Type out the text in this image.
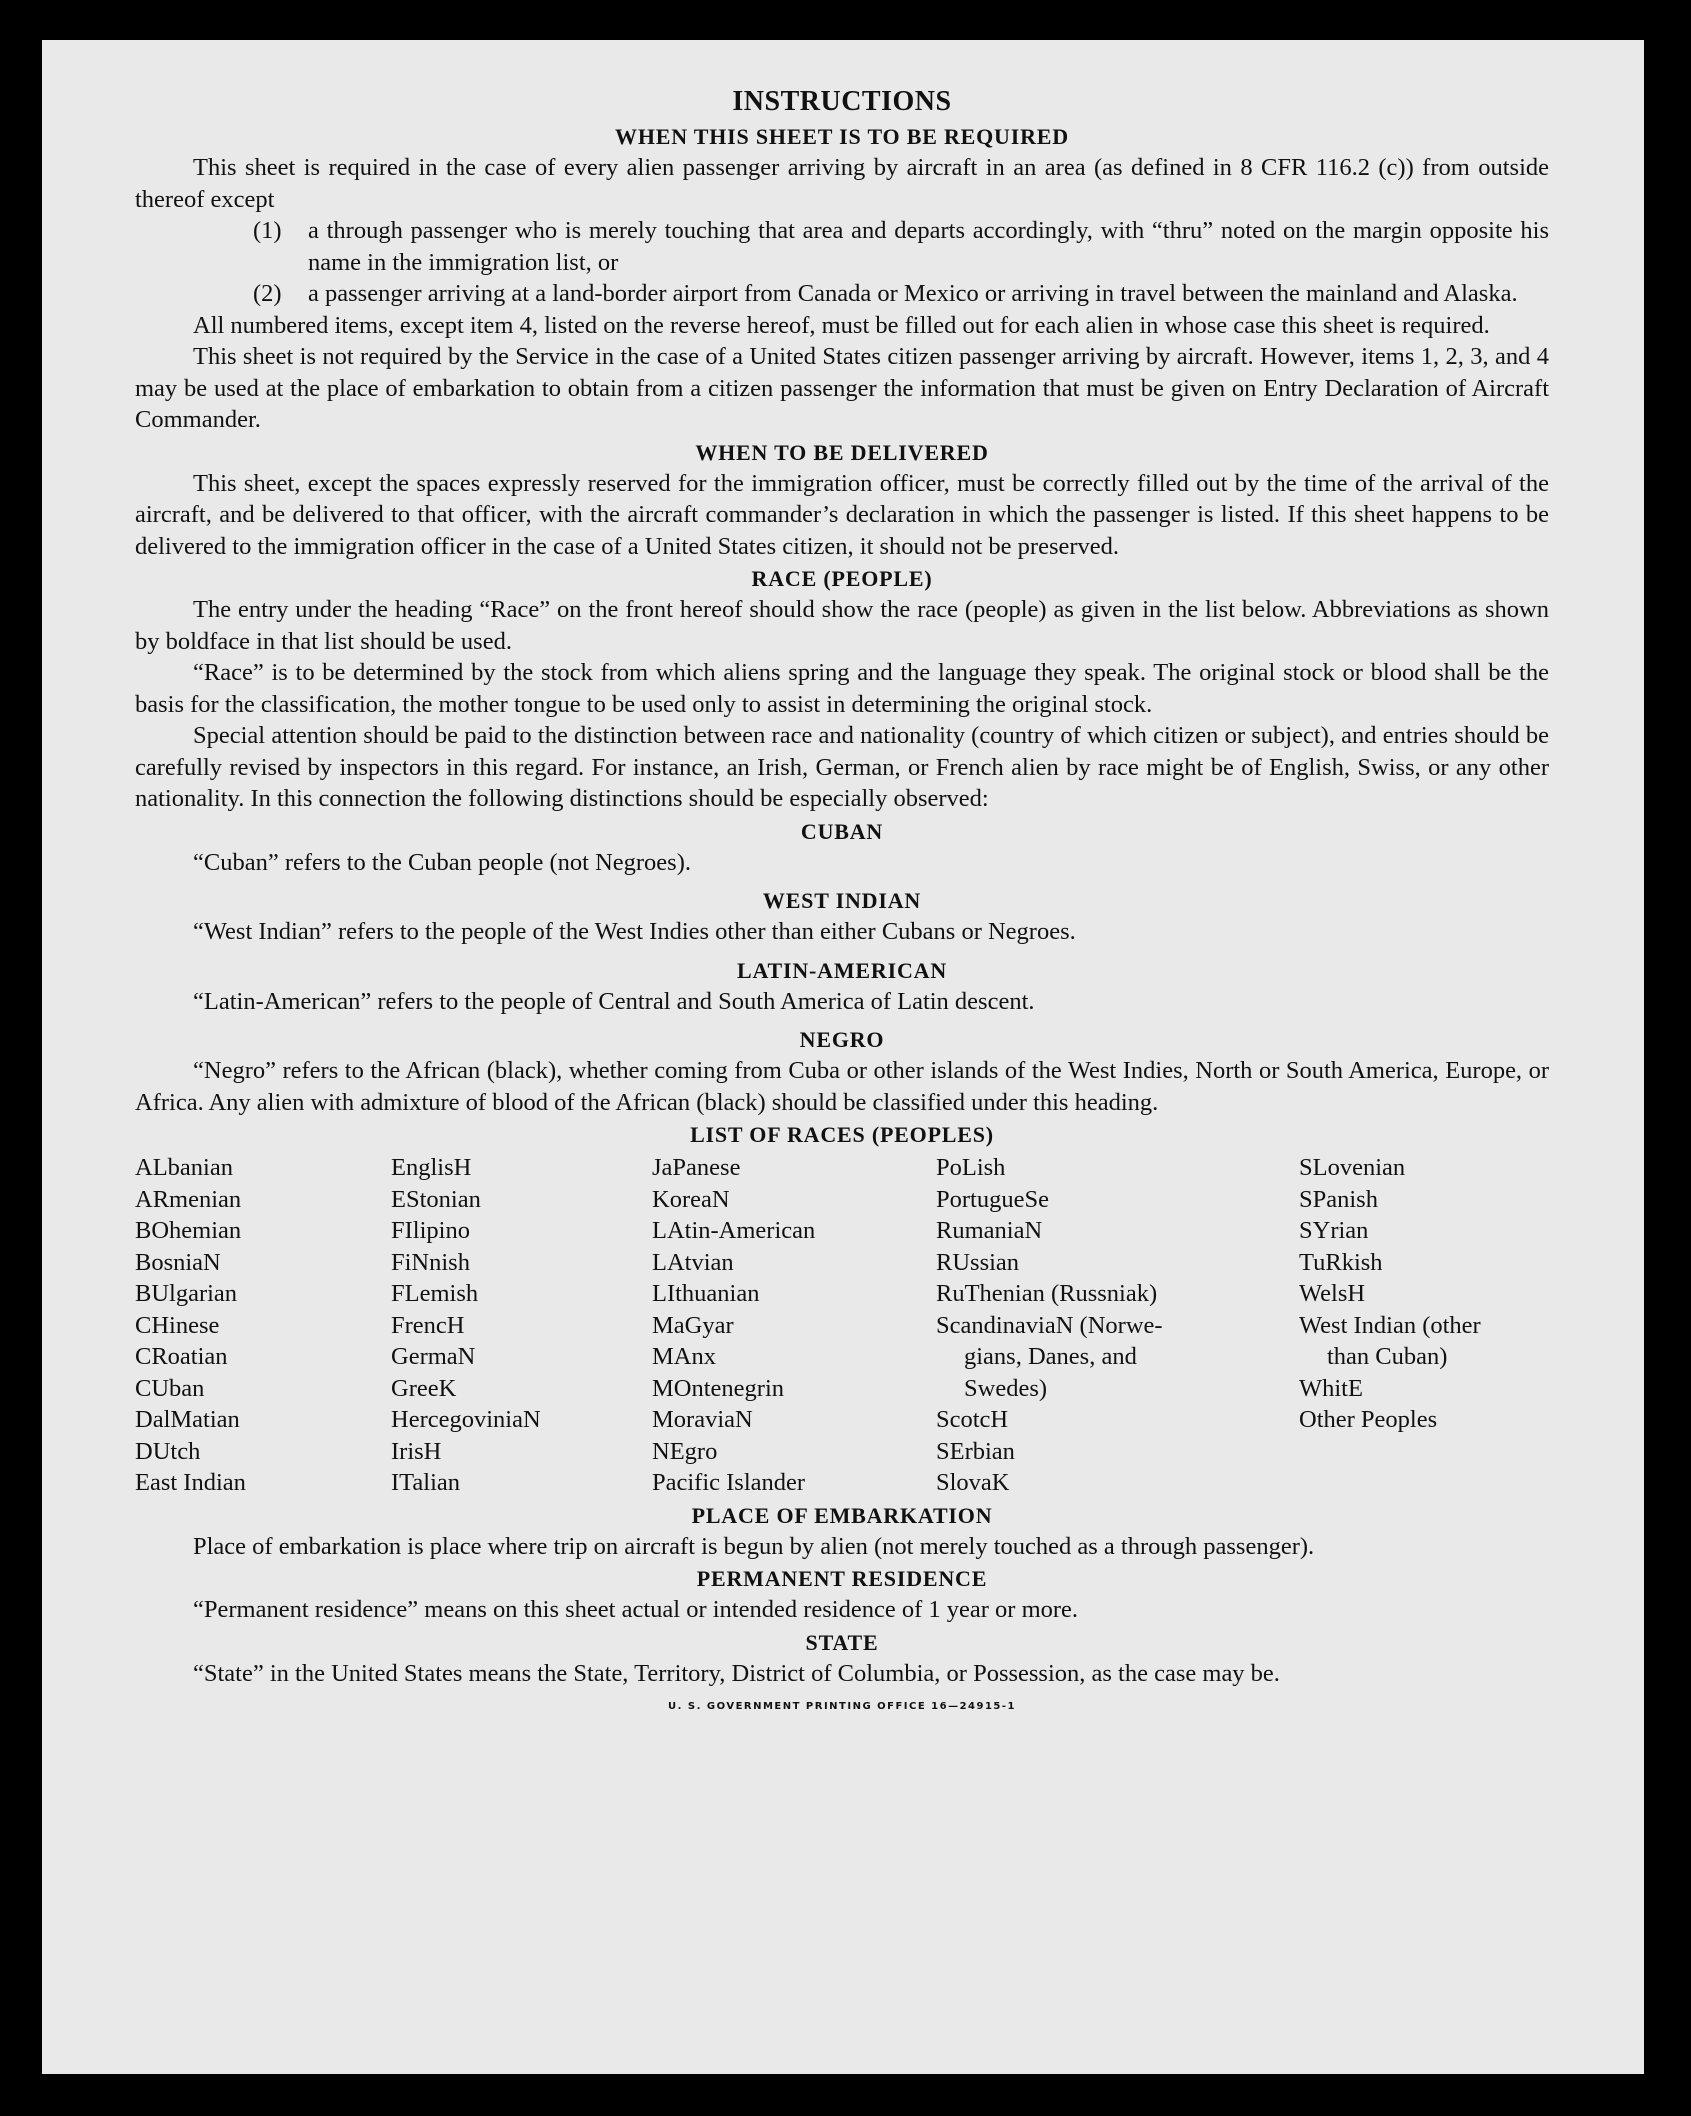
INSTRUCTIONS
WHEN THIS SHEET IS TO BE REQUIRED

This sheet is required in the case of every alien passenger arriving by aircraft in an area (as defined in 8 CFR 116.2 (c)) from outside thereof except

(1)	a through passenger who is merely touching that area and departs accordingly, with “thru” noted on the margin opposite his name in the immigration list, or
(2)	a passenger arriving at a land-border airport from Canada or Mexico or arriving in travel between the mainland and Alaska.

All numbered items, except item 4, listed on the reverse hereof, must be filled out for each alien in whose case this sheet is required.

This sheet is not required by the Service in the case of a United States citizen passenger arriving by aircraft. However, items 1, 2, 3, and 4 may be used at the place of embarkation to obtain from a citizen passenger the information that must be given on Entry Declaration of Aircraft Commander.

WHEN TO BE DELIVERED

This sheet, except the spaces expressly reserved for the immigration officer, must be correctly filled out by the time of the arrival of the aircraft, and be delivered to that officer, with the aircraft commander’s declaration in which the passenger is listed. If this sheet happens to be delivered to the immigration officer in the case of a United States citizen, it should not be preserved.

RACE (PEOPLE)

The entry under the heading “Race” on the front hereof should show the race (people) as given in the list below. Abbreviations as shown by boldface in that list should be used.

“Race” is to be determined by the stock from which aliens spring and the language they speak. The original stock or blood shall be the basis for the classification, the mother tongue to be used only to assist in determining the original stock.

Special attention should be paid to the distinction between race and nationality (country of which citizen or subject), and entries should be carefully revised by inspectors in this regard. For instance, an Irish, German, or French alien by race might be of English, Swiss, or any other nationality. In this connection the following distinctions should be especially observed:

CUBAN

“Cuban” refers to the Cuban people (not Negroes).

WEST INDIAN

“West Indian” refers to the people of the West Indies other than either Cubans or Negroes.

LATIN-AMERICAN

“Latin-American” refers to the people of Central and South America of Latin descent.

NEGRO

“Negro” refers to the African (black), whether coming from Cuba or other islands of the West Indies, North or South America, Europe, or Africa. Any alien with admixture of blood of the African (black) should be classified under this heading.

LIST OF RACES (PEOPLES)
ALbanian
ARmenian
BOhemian
BosniaN
BUlgarian
CHinese
CRoatian
CUban
DalMatian
DUtch
East Indian
EnglisH
EStonian
FIlipino
FiNnish
FLemish
FrencH
GermaN
GreeK
HercegoviniaN
IrisH
ITalian
JaPanese
KoreaN
LAtin-American
LAtvian
LIthuanian
MaGyar
MAnx
MOntenegrin
MoraviaN
NEgro
Pacific Islander
PoLish
PortugueSe
RumaniaN
RUssian
RuThenian (Russniak)
ScandinaviaN (Norwe-
gians, Danes, and
Swedes)
ScotcH
SErbian
SlovaK
SLovenian
SPanish
SYrian
TuRkish
WelsH
West Indian (other
than Cuban)
WhitE
Other Peoples
PLACE OF EMBARKATION

Place of embarkation is place where trip on aircraft is begun by alien (not merely touched as a through passenger).

PERMANENT RESIDENCE

“Permanent residence” means on this sheet actual or intended residence of 1 year or more.

STATE

“State” in the United States means the State, Territory, District of Columbia, or Possession, as the case may be.

U. S. GOVERNMENT PRINTING OFFICE 16—24915-1
